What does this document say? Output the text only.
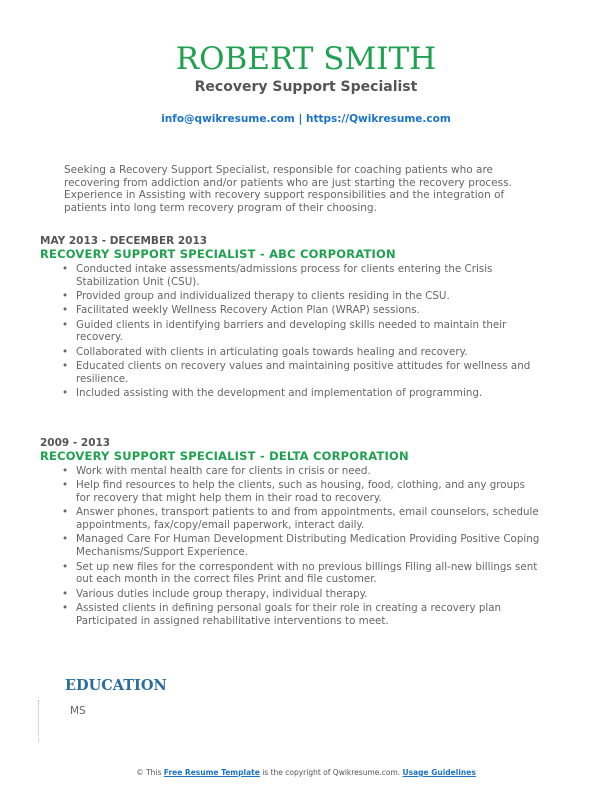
ROBERT SMITH
Recovery Support Specialist
info@qwikresume.com | https://Qwikresume.com
Seeking a Recovery Support Specialist, responsible for coaching patients who are recovering from addiction and/or patients who are just starting the recovery process. Experience in Assisting with recovery support responsibilities and the integration of patients into long term recovery program of their choosing.
MAY 2013 - DECEMBER 2013
RECOVERY SUPPORT SPECIALIST - ABC CORPORATION
• Conducted intake assessments/admissions process for clients entering the Crisis Stabilization Unit (CSU).
• Provided group and individualized therapy to clients residing in the CSU.
• Facilitated weekly Wellness Recovery Action Plan (WRAP) sessions.
• Guided clients in identifying barriers and developing skills needed to maintain their recovery.
• Collaborated with clients in articulating goals towards healing and recovery.
• Educated clients on recovery values and maintaining positive attitudes for wellness and resilience.
• Included assisting with the development and implementation of programming.
2009 - 2013
RECOVERY SUPPORT SPECIALIST - DELTA CORPORATION
• Work with mental health care for clients in crisis or need.
• Help find resources to help the clients, such as housing, food, clothing, and any groups for recovery that might help them in their road to recovery.
• Answer phones, transport patients to and from appointments, email counselors, schedule appointments, fax/copy/email paperwork, interact daily.
• Managed Care For Human Development Distributing Medication Providing Positive Coping Mechanisms/Support Experience.
• Set up new files for the correspondent with no previous billings Filing all-new billings sent out each month in the correct files Print and file customer.
• Various duties include group therapy, individual therapy.
• Assisted clients in defining personal goals for their role in creating a recovery plan Participated in assigned rehabilitative interventions to meet.
EDUCATION
MS
© This Free Resume Template is the copyright of Qwikresume.com. Usage Guidelines
